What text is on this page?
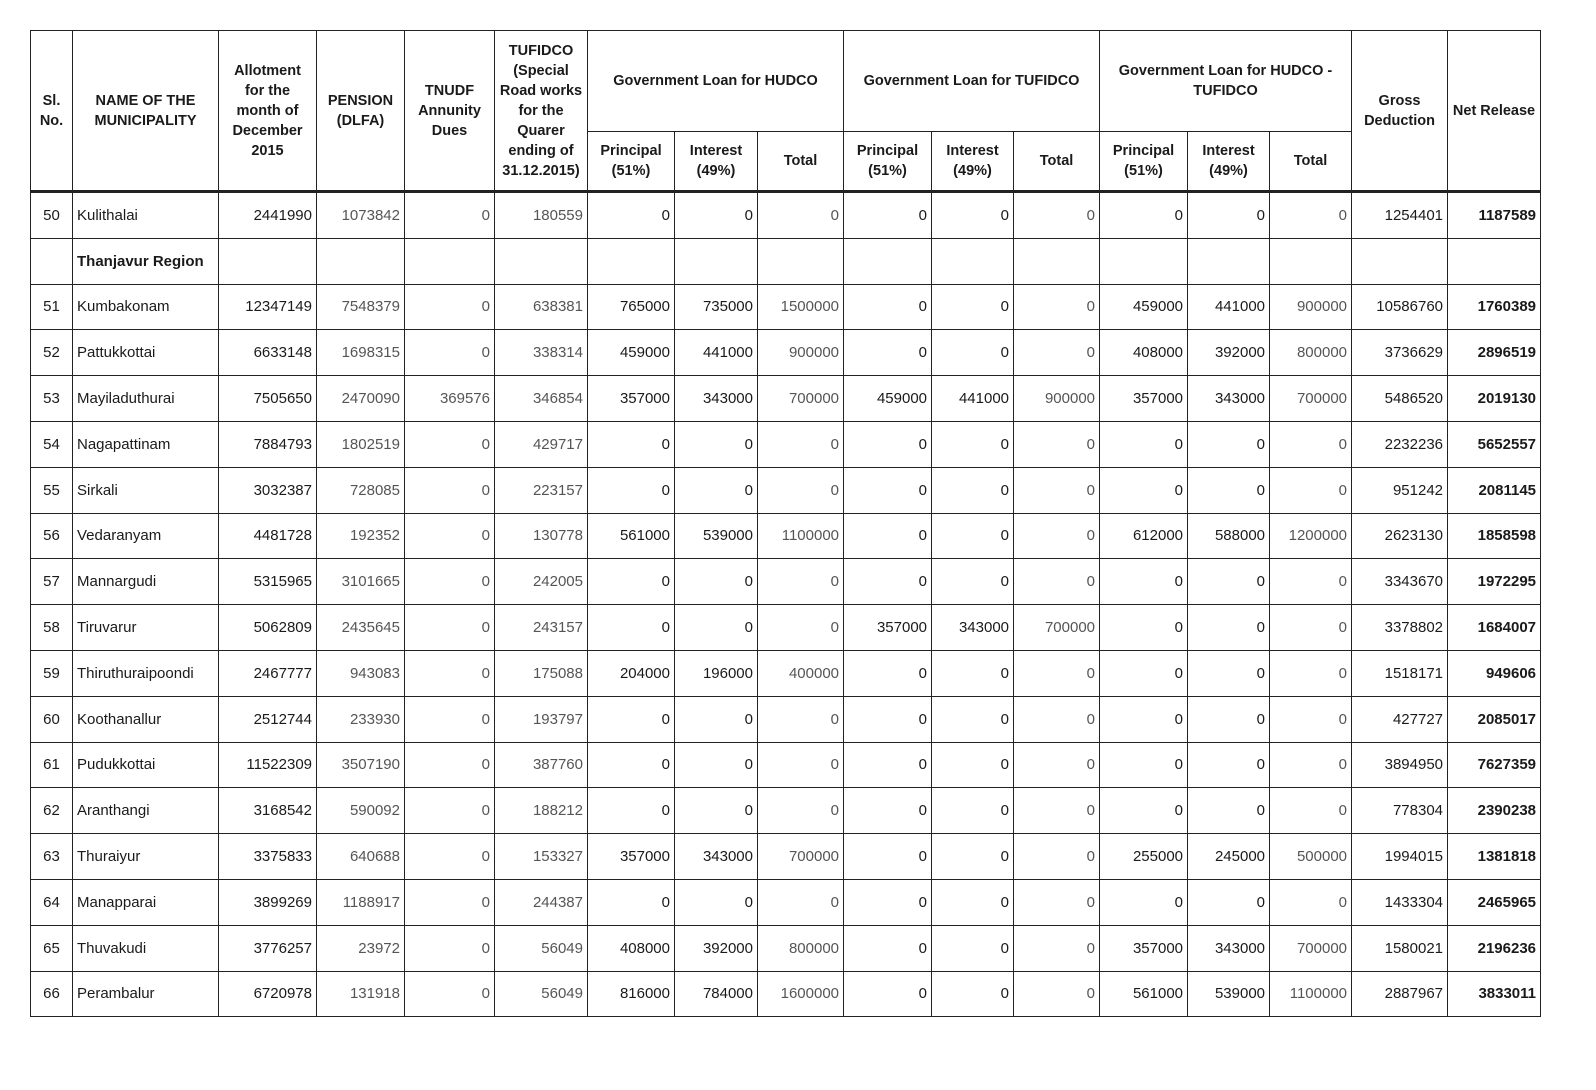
Sl. No.	NAME OF THE MUNICIPALITY	Allotment for the month of December 2015	PENSION (DLFA)	TNUDF Annunity Dues	TUFIDCO (Special Road works for the Quarer ending of 31.12.2015)	Government Loan for HUDCO			Government Loan for TUFIDCO			Government Loan for HUDCO - TUFIDCO			Gross Deduction	Net Release
						Principal (51%)	Interest (49%)	Total	Principal (51%)	Interest (49%)	Total	Principal (51%)	Interest (49%)	Total		
50	Kulithalai	2441990	1073842	0	180559	0	0	0	0	0	0	0	0	0	1254401	1187589
	Thanjavur Region															
51	Kumbakonam	12347149	7548379	0	638381	765000	735000	1500000	0	0	0	459000	441000	900000	10586760	1760389
52	Pattukkottai	6633148	1698315	0	338314	459000	441000	900000	0	0	0	408000	392000	800000	3736629	2896519
53	Mayiladuthurai	7505650	2470090	369576	346854	357000	343000	700000	459000	441000	900000	357000	343000	700000	5486520	2019130
54	Nagapattinam	7884793	1802519	0	429717	0	0	0	0	0	0	0	0	0	2232236	5652557
55	Sirkali	3032387	728085	0	223157	0	0	0	0	0	0	0	0	0	951242	2081145
56	Vedaranyam	4481728	192352	0	130778	561000	539000	1100000	0	0	0	612000	588000	1200000	2623130	1858598
57	Mannargudi	5315965	3101665	0	242005	0	0	0	0	0	0	0	0	0	3343670	1972295
58	Tiruvarur	5062809	2435645	0	243157	0	0	0	357000	343000	700000	0	0	0	3378802	1684007
59	Thiruthuraipoondi	2467777	943083	0	175088	204000	196000	400000	0	0	0	0	0	0	1518171	949606
60	Koothanallur	2512744	233930	0	193797	0	0	0	0	0	0	0	0	0	427727	2085017
61	Pudukkottai	11522309	3507190	0	387760	0	0	0	0	0	0	0	0	0	3894950	7627359
62	Aranthangi	3168542	590092	0	188212	0	0	0	0	0	0	0	0	0	778304	2390238
63	Thuraiyur	3375833	640688	0	153327	357000	343000	700000	0	0	0	255000	245000	500000	1994015	1381818
64	Manapparai	3899269	1188917	0	244387	0	0	0	0	0	0	0	0	0	1433304	2465965
65	Thuvakudi	3776257	23972	0	56049	408000	392000	800000	0	0	0	357000	343000	700000	1580021	2196236
66	Perambalur	6720978	131918	0	56049	816000	784000	1600000	0	0	0	561000	539000	1100000	2887967	3833011
